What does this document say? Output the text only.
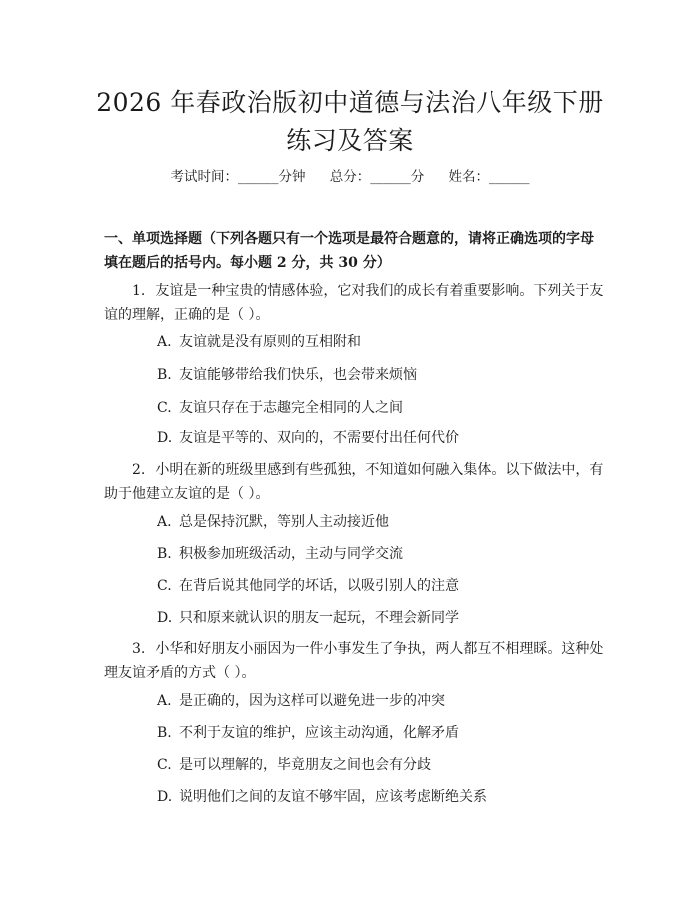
2026 年春政治版初中道德与法治八年级下册
练习及答案
考试时间：______分钟 总分：______分 姓名：______
一、单项选择题（下列各题只有一个选项是最符合题意的，请将正确选项的字母填在题后的括号内。每小题 2 分，共 30 分）
1. 友谊是一种宝贵的情感体验，它对我们的成长有着重要影响。下列关于友谊的理解，正确的是（ ）。
A. 友谊就是没有原则的互相附和
B. 友谊能够带给我们快乐，也会带来烦恼
C. 友谊只存在于志趣完全相同的人之间
D. 友谊是平等的、双向的，不需要付出任何代价
2. 小明在新的班级里感到有些孤独，不知道如何融入集体。以下做法中，有助于他建立友谊的是（ ）。
A. 总是保持沉默，等别人主动接近他
B. 积极参加班级活动，主动与同学交流
C. 在背后说其他同学的坏话，以吸引别人的注意
D. 只和原来就认识的朋友一起玩，不理会新同学
3. 小华和好朋友小丽因为一件小事发生了争执，两人都互不相理睬。这种处理友谊矛盾的方式（ ）。
A. 是正确的，因为这样可以避免进一步的冲突
B. 不利于友谊的维护，应该主动沟通，化解矛盾
C. 是可以理解的，毕竟朋友之间也会有分歧
D. 说明他们之间的友谊不够牢固，应该考虑断绝关系
